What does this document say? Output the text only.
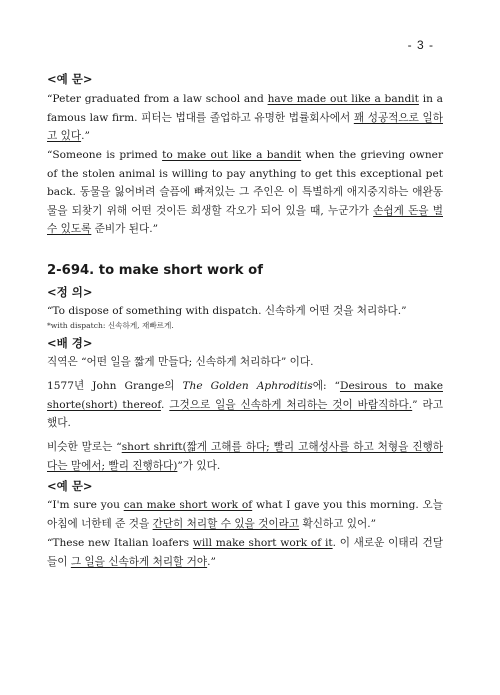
- 3 -
<예 문>
“Peter graduated from a law school and have made out like a bandit in a famous law firm. 피터는 법대를 졸업하고 유명한 법률회사에서 꽤 성공적으로 일하고 있다.”
“Someone is primed to make out like a bandit when the grieving owner of the stolen animal is willing to pay anything to get this exceptional pet back. 동물을 잃어버려 슬픔에 빠져있는 그 주인은 이 특별하게 애지중지하는 애완동물을 되찾기 위해 어떤 것이든 희생할 각오가 되어 있을 때, 누군가가 손쉽게 돈을 벌 수 있도록 준비가 된다.”
2-694. to make short work of
<정 의>
“To dispose of something with dispatch. 신속하게 어떤 것을 처리하다.”
*with dispatch: 신속하게, 재빠르게.
<배 경>
직역은 “어떤 일을 짧게 만들다; 신속하게 처리하다” 이다.
1577년 John Grange의 The Golden Aphroditis에: “Desirous to make shorte(short) thereof. 그것으로 일을 신속하게 처리하는 것이 바람직하다.” 라고 했다.
비슷한 말로는 “short shrift(짧게 고해를 하다; 빨리 고해성사를 하고 처형을 진행하다는 말에서; 빨리 진행하다)”가 있다.
<예 문>
“I'm sure you can make short work of what I gave you this morning. 오늘 아침에 너한테 준 것을 간단히 처리할 수 있을 것이라고 확신하고 있어.”
“These new Italian loafers will make short work of it. 이 새로운 이태리 건달들이 그 일을 신속하게 처리할 거야.”
